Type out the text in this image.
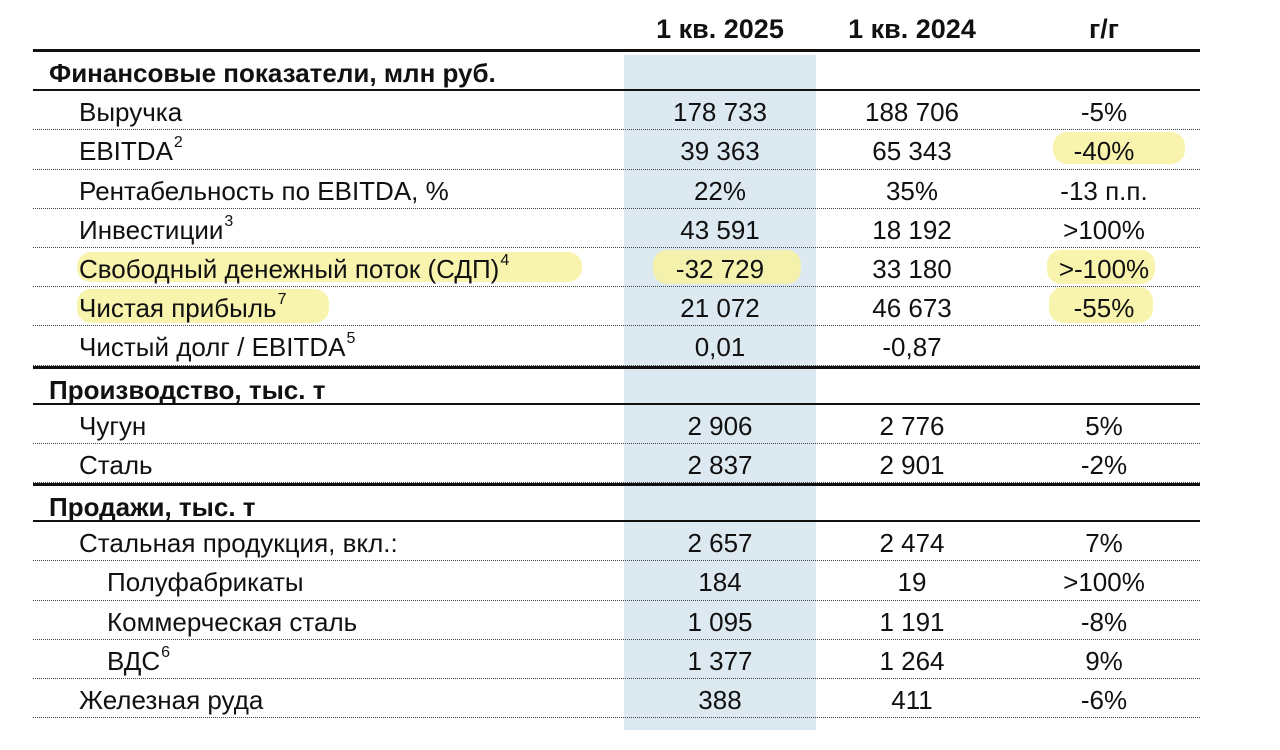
1 кв. 2025	1 кв. 2024	г/г
Финансовые показатели, млн руб.
Выручка	178 733	188 706	-5%
EBITDA$^2$	39 363	65 343	-40%
Рентабельность по EBITDA, %	22%	35%	-13 п.п.
Инвестиции$^3$	43 591	18 192	>100%
Свободный денежный поток (СДП)$^4$	-32 729	33 180	>-100%
Чистая прибыль$^7$	21 072	46 673	-55%
Чистый долг / EBITDA$^5$	0,01	-0,87
Производство, тыс. т
Чугун	2 906	2 776	5%
Сталь	2 837	2 901	-2%
Продажи, тыс. т
Стальная продукция, вкл.:	2 657	2 474	7%
Полуфабрикаты	184	19	>100%
Коммерческая сталь	1 095	1 191	-8%
ВДС$^6$	1 377	1 264	9%
Железная руда	388	411	-6%
